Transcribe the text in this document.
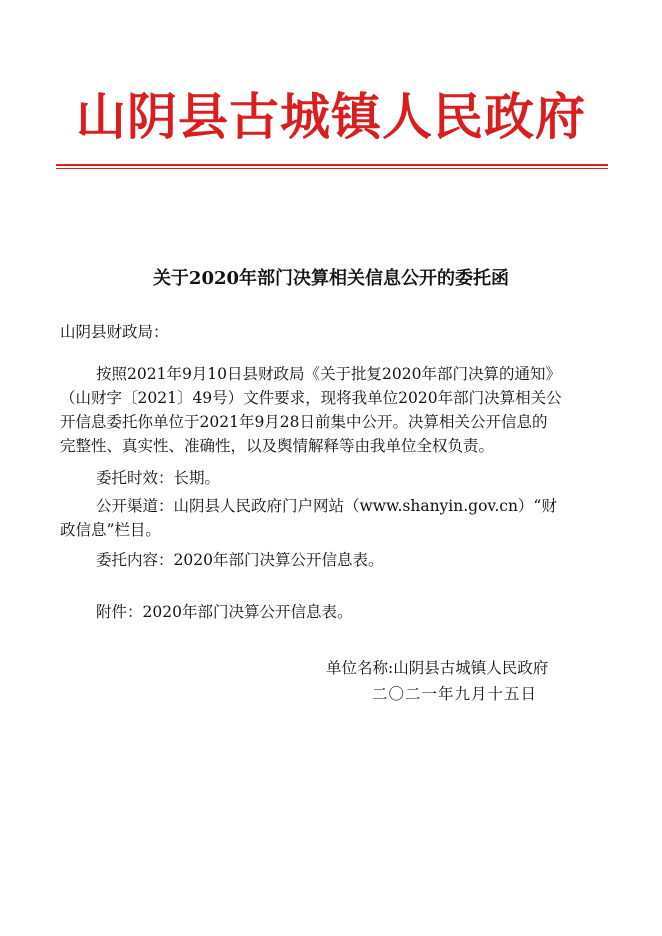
山阴县古城镇人民政府
关于2020年部门决算相关信息公开的委托函
山阴县财政局：
按照2021年9月10日县财政局《关于批复2020年部门决算的通知》
（山财字〔2021〕49号）文件要求，现将我单位2020年部门决算相关公
开信息委托你单位于2021年9月28日前集中公开。决算相关公开信息的
完整性、真实性、准确性，以及舆情解释等由我单位全权负责。
委托时效：长期。
公开渠道：山阴县人民政府门户网站（www.shanyin.gov.cn）“财
政信息”栏目。
委托内容：2020年部门决算公开信息表。
附件：2020年部门决算公开信息表。
单位名称:山阴县古城镇人民政府
二〇二一年九月十五日
